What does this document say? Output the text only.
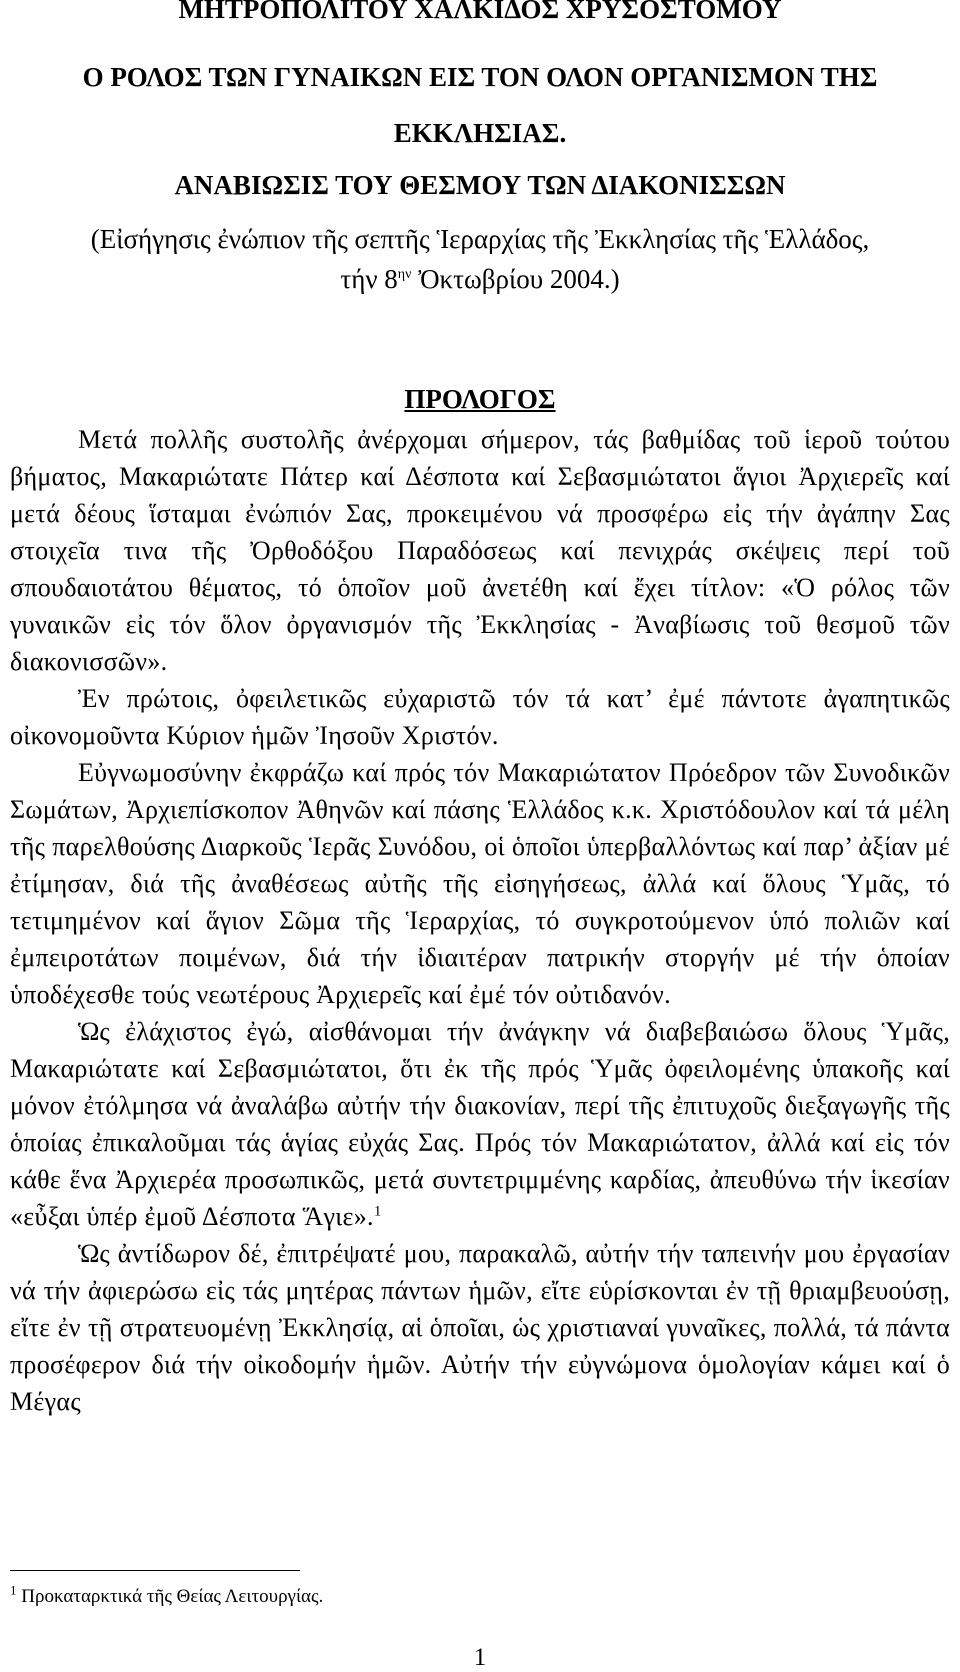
ΜΗΤΡΟΠΟΛΙΤΟΥ ΧΑΛΚΙΔΟΣ ΧΡΥΣΟΣΤΟΜΟΥ
Ο ΡΟΛΟΣ ΤΩΝ ΓΥΝΑΙΚΩΝ ΕΙΣ ΤΟΝ ΟΛΟΝ ΟΡΓΑΝΙΣΜΟΝ ΤΗΣ
ΕΚΚΛΗΣΙΑΣ.
ΑΝΑΒΙΩΣΙΣ ΤΟΥ ΘΕΣΜΟΥ ΤΩΝ ΔΙΑΚΟΝΙΣΣΩΝ
(Εἰσήγησις ἐνώπιον τῆς σεπτῆς Ἱεραρχίας τῆς Ἐκκλησίας τῆς Ἑλλάδος,
τήν $8^{\eta\nu}$ Ὀκτωβρίου 2004.)
ΠΡΟΛΟΓΟΣ

Μετά πολλῆς συστολῆς ἀνέρχομαι σήμερον, τάς βαθμίδας τοῦ ἱεροῦ τούτου βήματος, Μακαριώτατε Πάτερ καί Δέσποτα καί Σεβασμιώτατοι ἅγιοι Ἀρχιερεῖς καί μετά δέους ἵσταμαι ἐνώπιόν Σας, προκειμένου νά προσφέρω εἰς τήν ἀγάπην Σας στοιχεῖα τινα τῆς Ὀρθοδόξου Παραδόσεως καί πενιχράς σκέψεις περί τοῦ σπουδαιοτάτου θέματος, τό ὁποῖον μοῦ ἀνετέθη καί ἔχει τίτλον: «Ὁ ρόλος τῶν γυναικῶν εἰς τόν ὅλον ὀργανισμόν τῆς Ἐκκλησίας - Ἀναβίωσις τοῦ θεσμοῦ τῶν διακονισσῶν».

Ἐν πρώτοις, ὀφειλετικῶς εὐχαριστῶ τόν τά κατ’ ἐμέ πάντοτε ἀγαπητικῶς οἰκονομοῦντα Κύριον ἡμῶν Ἰησοῦν Χριστόν.

Εὐγνωμοσύνην ἐκφράζω καί πρός τόν Μακαριώτατον Πρόεδρον τῶν Συνοδικῶν Σωμάτων, Ἀρχιεπίσκοπον Ἀθηνῶν καί πάσης Ἑλλάδος κ.κ. Χριστόδουλον καί τά μέλη τῆς παρελθούσης Διαρκοῦς Ἱερᾶς Συνόδου, οἱ ὁποῖοι ὑπερβαλλόντως καί παρ’ ἀξίαν μέ ἐτίμησαν, διά τῆς ἀναθέσεως αὐτῆς τῆς εἰσηγήσεως, ἀλλά καί ὅλους Ὑμᾶς, τό τετιμημένον καί ἅγιον Σῶμα τῆς Ἱεραρχίας, τό συγκροτούμενον ὑπό πολιῶν καί ἐμπειροτάτων ποιμένων, διά τήν ἰδιαιτέραν πατρικήν στοργήν μέ τήν ὁποίαν ὑποδέχεσθε τούς νεωτέρους Ἀρχιερεῖς καί ἐμέ τόν οὐτιδανόν.

Ὡς ἐλάχιστος ἐγώ, αἰσθάνομαι τήν ἀνάγκην νά διαβεβαιώσω ὅλους Ὑμᾶς, Μακαριώτατε καί Σεβασμιώτατοι, ὅτι ἐκ τῆς πρός Ὑμᾶς ὀφειλομένης ὑπακοῆς καί μόνον ἐτόλμησα νά ἀναλάβω αὐτήν τήν διακονίαν, περί τῆς ἐπιτυχοῦς διεξαγωγῆς τῆς ὁποίας ἐπικαλοῦμαι τάς ἁγίας εὐχάς Σας. Πρός τόν Μακαριώτατον, ἀλλά καί εἰς τόν κάθε ἕνα Ἀρχιερέα προσωπικῶς, μετά συντετριμμένης καρδίας, ἀπευθύνω τήν ἱκεσίαν «εὖξαι ὑπέρ ἐμοῦ Δέσποτα Ἅγιε».$^1$

Ὡς ἀντίδωρον δέ, ἐπιτρέψατέ μου, παρακαλῶ, αὐτήν τήν ταπεινήν μου ἐργασίαν νά τήν ἀφιερώσω εἰς τάς μητέρας πάντων ἡμῶν, εἴτε εὑρίσκονται ἐν τῇ θριαμβευούσῃ, εἴτε ἐν τῇ στρατευομένῃ Ἐκκλησίᾳ, αἱ ὁποῖαι, ὡς χριστιαναί γυναῖκες, πολλά, τά πάντα προσέφερον διά τήν οἰκοδομήν ἡμῶν. Αὐτήν τήν εὐγνώμονα ὁμολογίαν κάμει καί ὁ Μέγας

$^1$ Προκαταρκτικά τῆς Θείας Λειτουργίας.
1
